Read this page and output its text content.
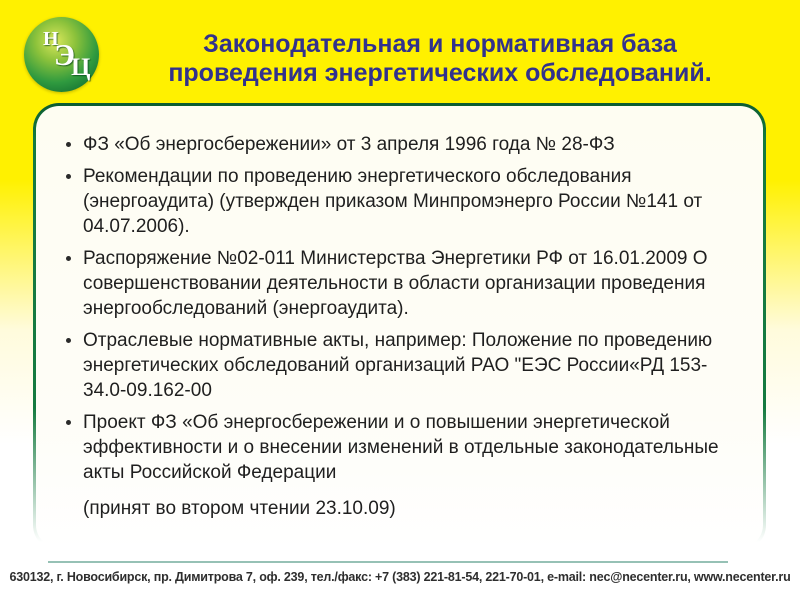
Н
Э
Ц
Законодательная и нормативная база
проведения энергетических обследований.
ФЗ «Об энергосбережении» от 3 апреля 1996 года № 28-ФЗ
Рекомендации по проведению энергетического обследования (энергоаудита) (утвержден приказом Минпромэнерго России №141 от 04.07.2006).
Распоряжение №02-011 Министерства Энергетики РФ от 16.01.2009 О совершенствовании деятельности в области организации проведения энергообследований (энергоаудита).
Отраслевые нормативные акты, например: Положение по проведению энергетических обследований организаций РАО "ЕЭС России«РД 153-34.0-09.162-00
Проект ФЗ «Об энергосбережении и о повышении энергетической эффективности и о внесении изменений в отдельные законодательные акты Российской Федерации
(принят во втором чтении 23.10.09)
630132, г. Новосибирск, пр. Димитрова 7, оф. 239, тел./факс: +7 (383) 221-81-54, 221-70-01, e-mail: nec@necenter.ru, www.necenter.ru
